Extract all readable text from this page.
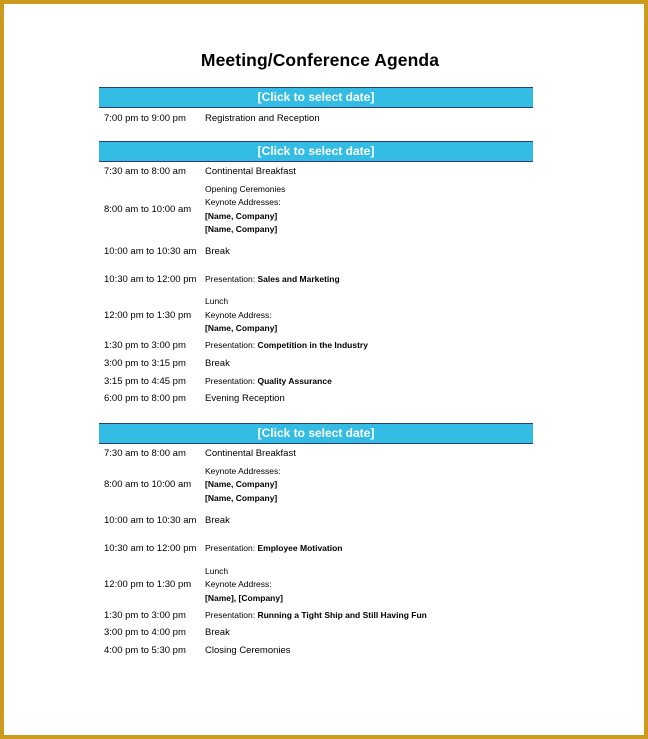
Meeting/Conference Agenda
[Click to select date]
7:00 pm to 9:00 pm	Registration and Reception
[Click to select date]
7:30 am to 8:00 am	Continental Breakfast
8:00 am to 10:00 am
Opening Ceremonies
Keynote Addresses:
[Name, Company]
[Name, Company]
10:00 am to 10:30 am Break
10:30 am to 12:00 pm	Presentation: Sales and Marketing
12:00 pm to 1:30 pm
Lunch
Keynote Address:
[Name, Company]
1:30 pm to 3:00 pm	Presentation: Competition in the Industry
3:00 pm to 3:15 pm	Break
3:15 pm to 4:45 pm	Presentation: Quality Assurance
6:00 pm to 8:00 pm	Evening Reception
[Click to select date]
7:30 am to 8:00 am	Continental Breakfast
8:00 am to 10:00 am
Keynote Addresses:
[Name, Company]
[Name, Company]
10:00 am to 10:30 am Break
10:30 am to 12:00 pm	Presentation: Employee Motivation
12:00 pm to 1:30 pm
Lunch
Keynote Address:
[Name], [Company]
1:30 pm to 3:00 pm	Presentation: Running a Tight Ship and Still Having Fun
3:00 pm to 4:00 pm	Break
4:00 pm to 5:30 pm	Closing Ceremonies
